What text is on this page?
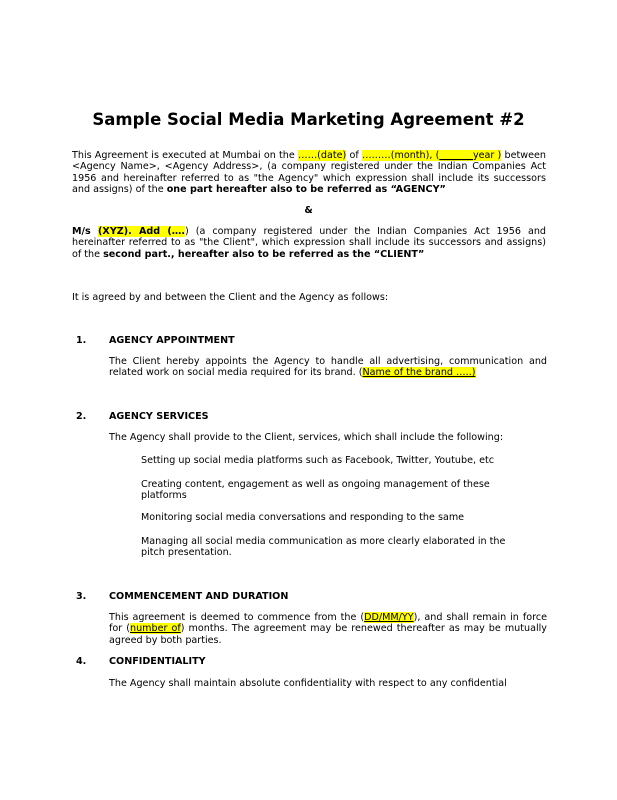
Sample Social Media Marketing Agreement #2
This Agreement is executed at Mumbai on the ……(date) of ………(month), (_______year ) between <Agency Name>, <Agency Address>, (a company registered under the Indian Companies Act 1956 and hereinafter referred to as "the Agency" which expression shall include its successors and assigns) of the one part hereafter also to be referred as “AGENCY”
&
M/s (XYZ). Add (….) (a company registered under the Indian Companies Act 1956 and hereinafter referred to as "the Client", which expression shall include its successors and assigns) of the second part., hereafter also to be referred as the “CLIENT”
It is agreed by and between the Client and the Agency as follows:
1. AGENCY APPOINTMENT
The Client hereby appoints the Agency to handle all advertising, communication and related work on social media required for its brand. (Name of the brand …..)
2. AGENCY SERVICES
The Agency shall provide to the Client, services, which shall include the following:
Setting up social media platforms such as Facebook, Twitter, Youtube, etc
Creating content, engagement as well as ongoing management of these platforms
Monitoring social media conversations and responding to the same
Managing all social media communication as more clearly elaborated in the pitch presentation.
3. COMMENCEMENT AND DURATION
This agreement is deemed to commence from the (DD/MM/YY), and shall remain in force for (number of) months. The agreement may be renewed thereafter as may be mutually agreed by both parties.
4. CONFIDENTIALITY
The Agency shall maintain absolute confidentiality with respect to any confidential
